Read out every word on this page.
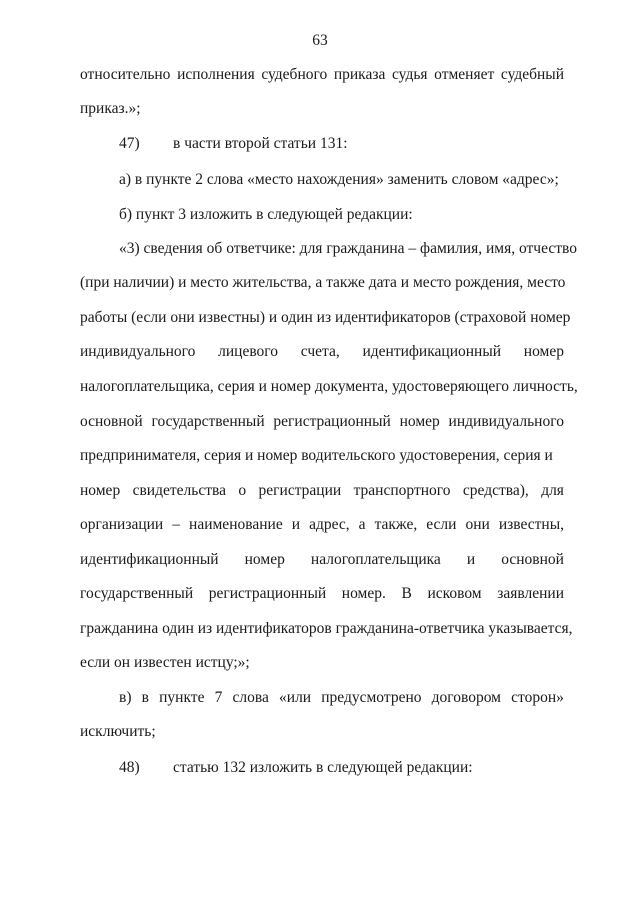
63
относительно исполнения судебного приказа судья отменяет судебный
приказ.»;
47) в части второй статьи 131:
а) в пункте 2 слова «место нахождения» заменить словом «адрес»;
б) пункт 3 изложить в следующей редакции:
«3) сведения об ответчике: для гражданина – фамилия, имя, отчество
(при наличии) и место жительства, а также дата и место рождения, место
работы (если они известны) и один из идентификаторов (страховой номер
индивидуального лицевого счета, идентификационный номер
налогоплательщика, серия и номер документа, удостоверяющего личность,
основной государственный регистрационный номер индивидуального
предпринимателя, серия и номер водительского удостоверения, серия и
номер свидетельства о регистрации транспортного средства), для
организации – наименование и адрес, а также, если они известны,
идентификационный номер налогоплательщика и основной
государственный регистрационный номер. В исковом заявлении
гражданина один из идентификаторов гражданина-ответчика указывается,
если он известен истцу;»;
в) в пункте 7 слова «или предусмотрено договором сторон»
исключить;
48) статью 132 изложить в следующей редакции:
